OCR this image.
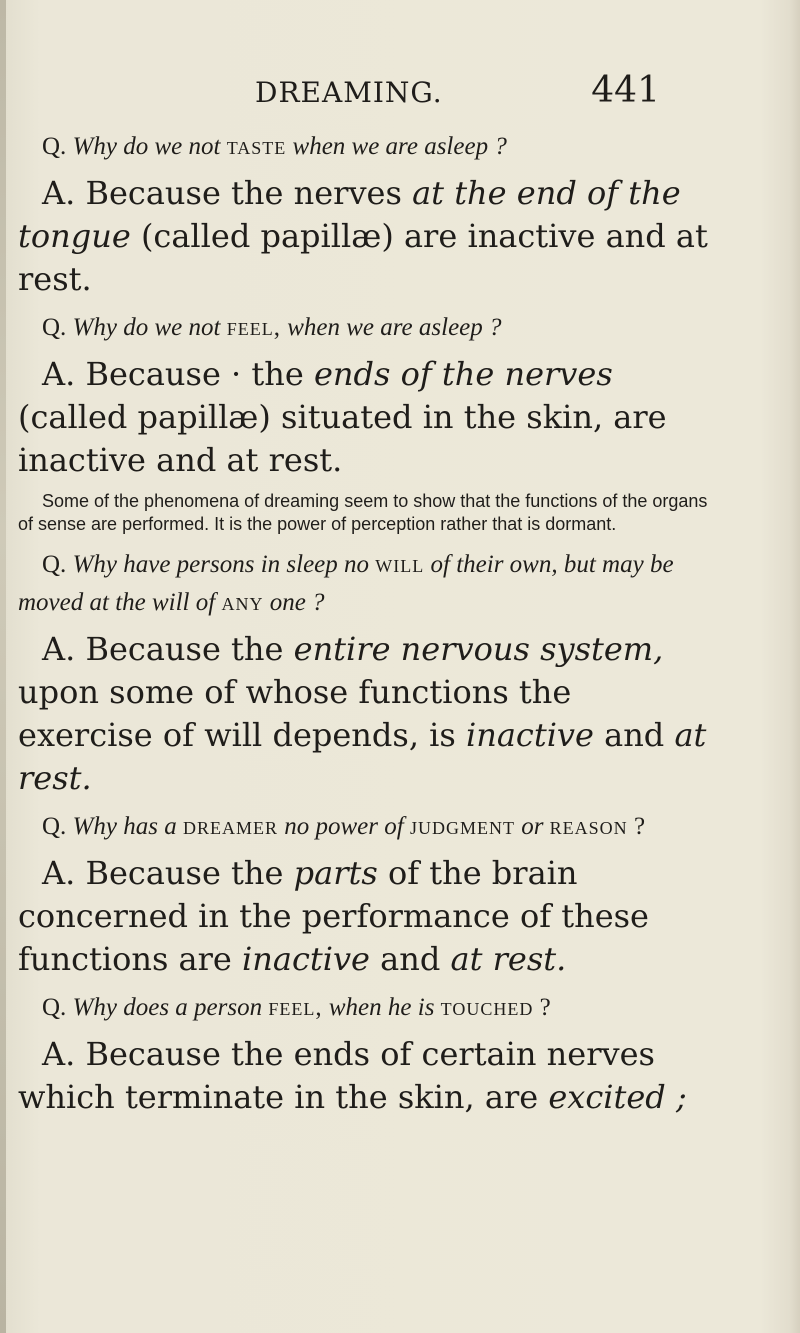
DREAMING.	441

Q. Why do we not taste when we are asleep ?

A. Because the nerves at the end of the tongue (called papillæ) are inactive and at rest.

Q. Why do we not feel, when we are asleep ?

A. Because · the ends of the nerves (called papillæ) situated in the skin, are inactive and at rest.

Some of the phenomena of dreaming seem to show that the functions of the organs of sense are performed. It is the power of perception rather that is dormant.

Q. Why have persons in sleep no will of their own, but may be moved at the will of any one ?

A. Because the entire nervous system, upon some of whose functions the exercise of will depends, is inactive and at rest.

Q. Why has a dreamer no power of judgment or reason ?

A. Because the parts of the brain concerned in the performance of these functions are inactive and at rest.

Q. Why does a person feel, when he is touched ?

A. Because the ends of certain nerves which terminate in the skin, are excited ;
